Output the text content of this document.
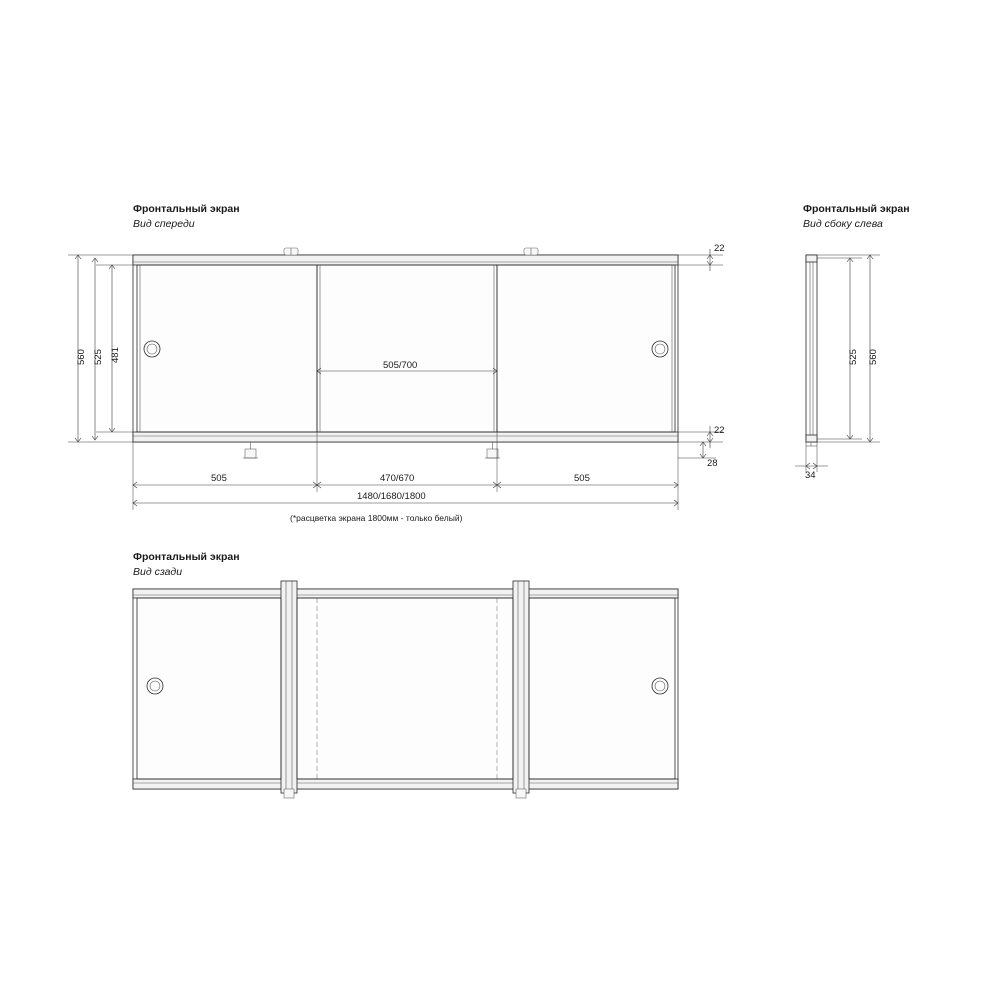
Фронтальный экран
Вид спереди
Фронтальный экран
Вид сбоку слева
Фронтальный экран
Вид сзади
560 525 481
22
22
28
505/700
505	470/670	505
1480/1680/1800
(*расцветка экрана 1800мм - только белый)
525 560
34
